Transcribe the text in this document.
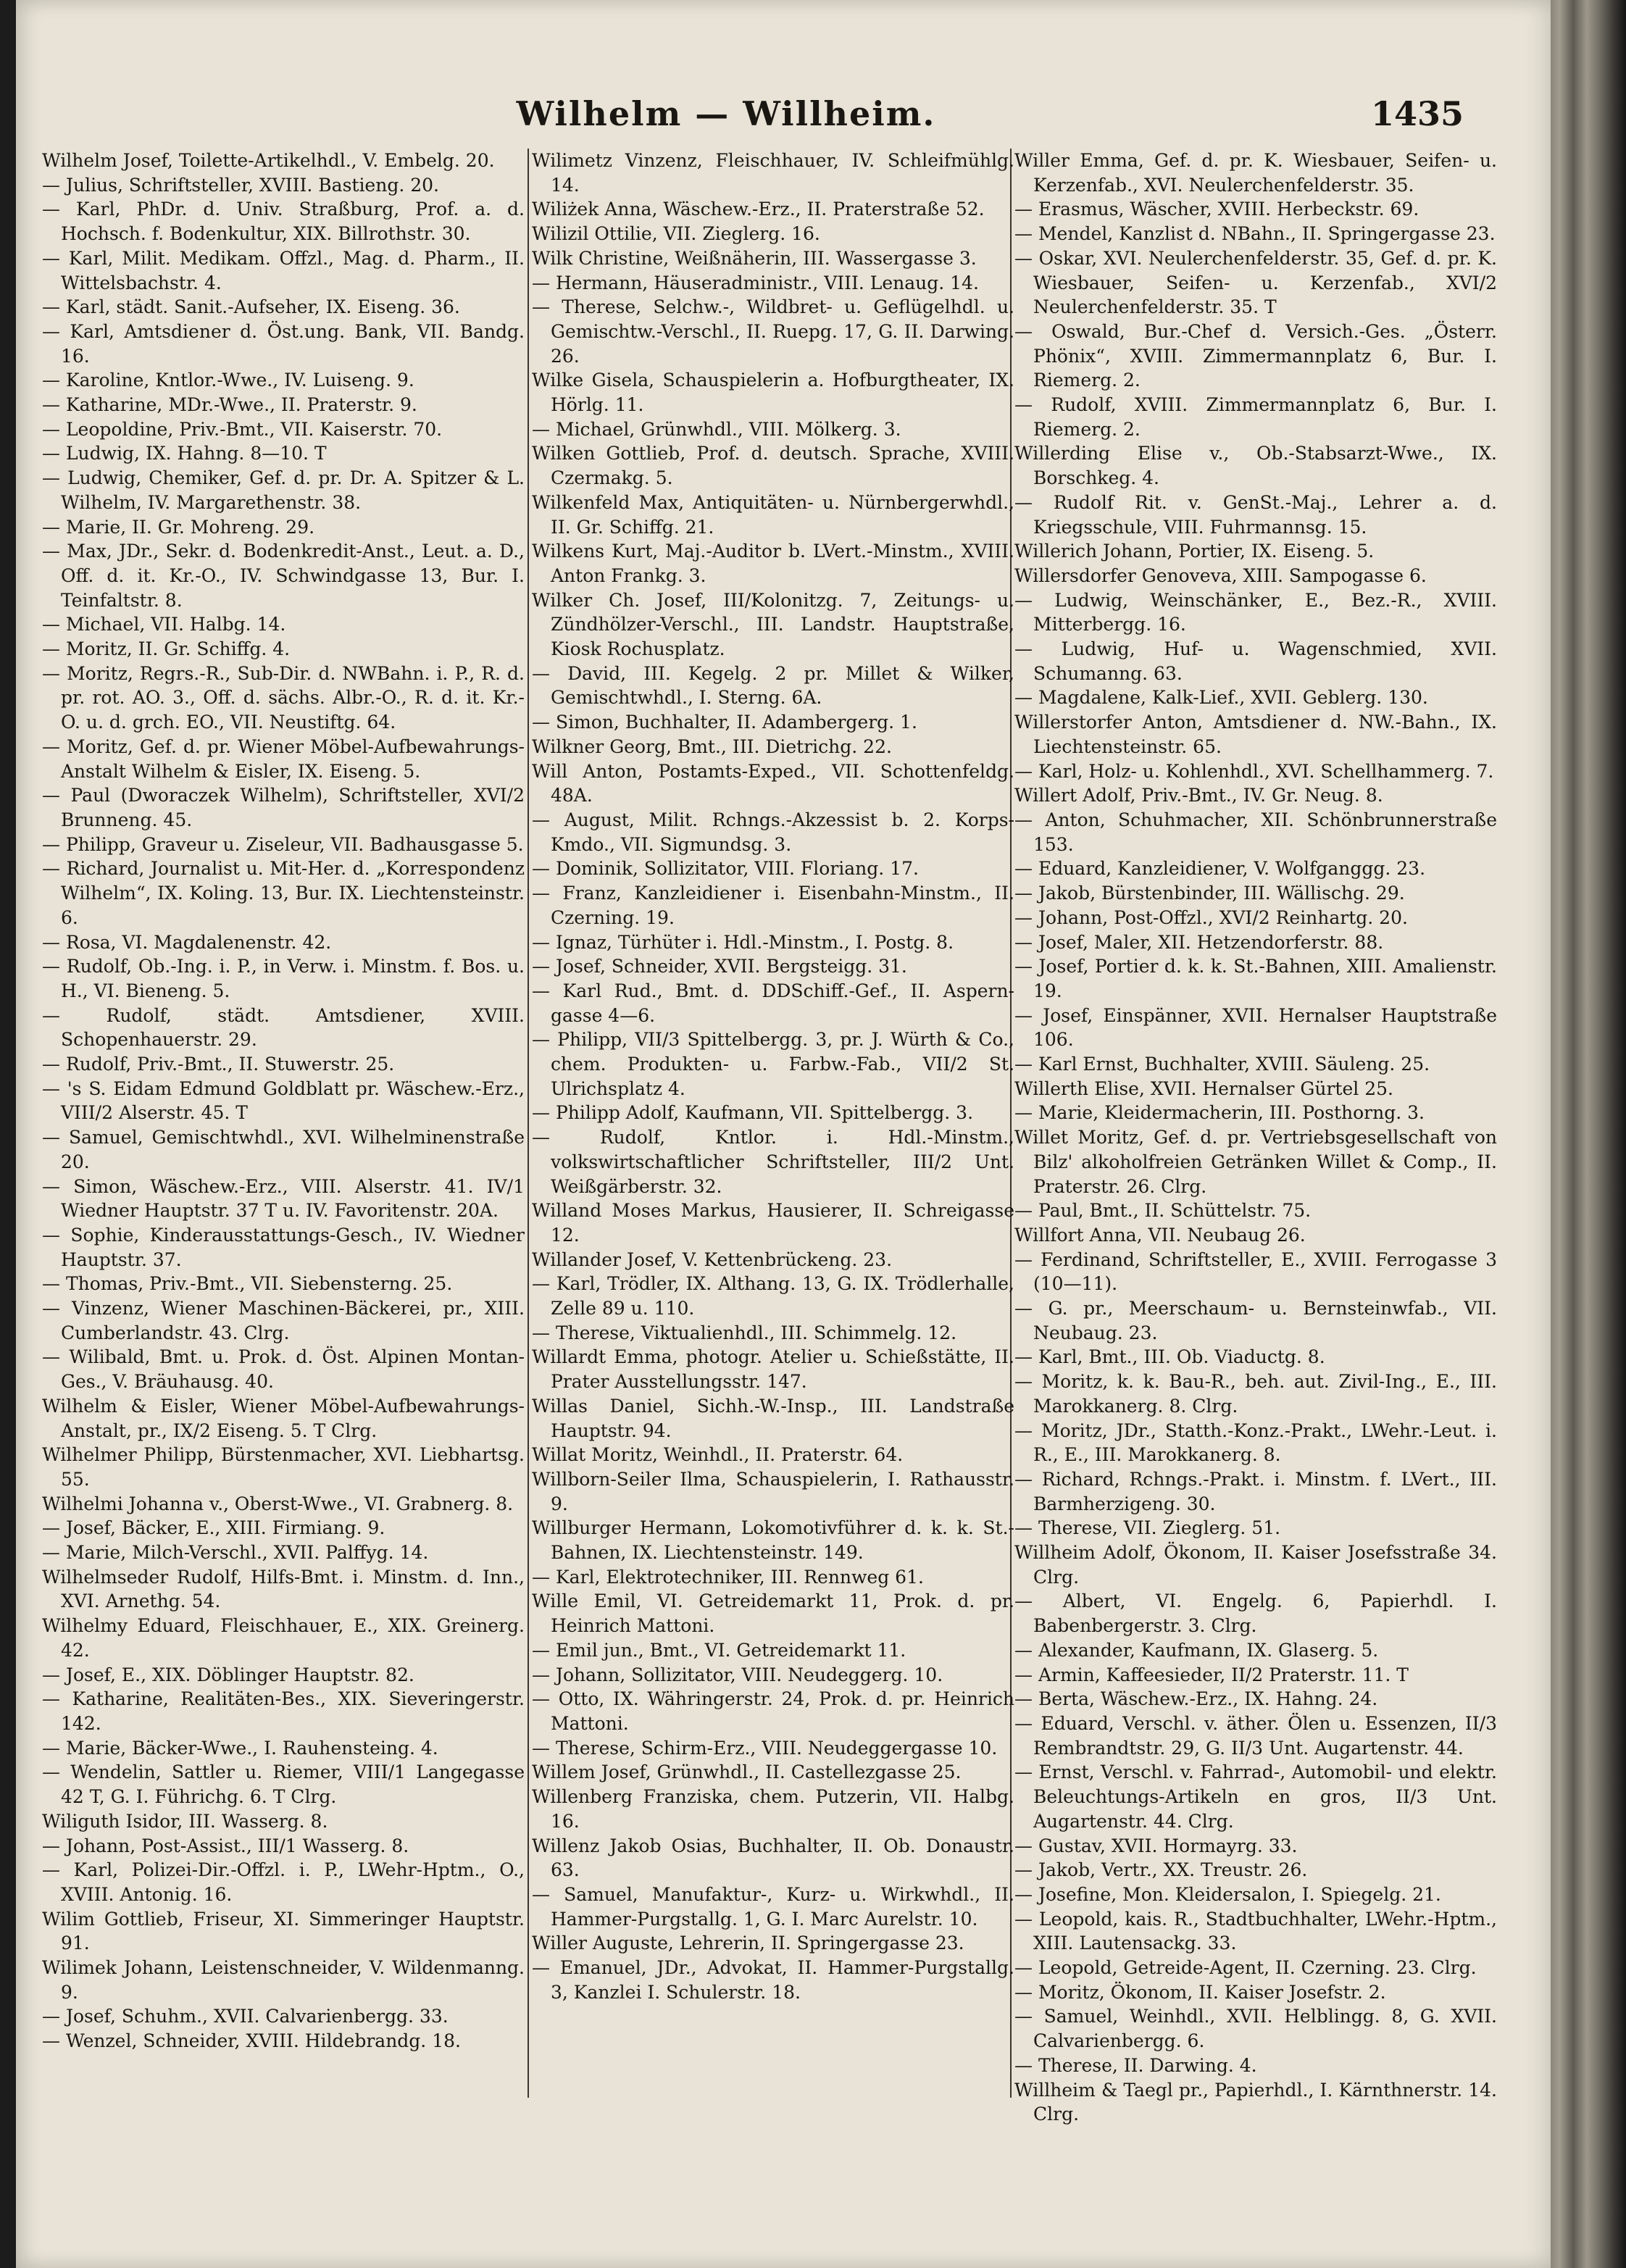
Wilhelm — Willheim.	1435

Wilhelm Josef, Toilette-Artikelhdl., V. Embelg. 20.

— Julius, Schriftsteller, XVIII. Bastieng. 20.

— Karl, PhDr. d. Univ. Straßburg, Prof. a. d. Hochsch. f. Bodenkultur, XIX. Billrothstr. 30.

— Karl, Milit. Medikam. Offzl., Mag. d. Pharm., II. Wittelsbachstr. 4.

— Karl, städt. Sanit.-Aufseher, IX. Eiseng. 36.

— Karl, Amtsdiener d. Öst.ung. Bank, VII. Bandg. 16.

— Karoline, Kntlor.-Wwe., IV. Luiseng. 9.

— Katharine, MDr.-Wwe., II. Praterstr. 9.

— Leopoldine, Priv.-Bmt., VII. Kaiserstr. 70.

— Ludwig, IX. Hahng. 8—10. T

— Ludwig, Chemiker, Gef. d. pr. Dr. A. Spitzer & L. Wilhelm, IV. Margarethenstr. 38.

— Marie, II. Gr. Mohreng. 29.

— Max, JDr., Sekr. d. Bodenkredit-Anst., Leut. a. D., Off. d. it. Kr.-O., IV. Schwindgasse 13, Bur. I. Teinfaltstr. 8.

— Michael, VII. Halbg. 14.

— Moritz, II. Gr. Schiffg. 4.

— Moritz, Regrs.-R., Sub-Dir. d. NWBahn. i. P., R. d. pr. rot. AO. 3., Off. d. sächs. Albr.-O., R. d. it. Kr.-O. u. d. grch. EO., VII. Neustiftg. 64.

— Moritz, Gef. d. pr. Wiener Möbel-Aufbewahrungs-Anstalt Wilhelm & Eisler, IX. Eiseng. 5.

— Paul (Dworaczek Wilhelm), Schriftsteller, XVI/2 Brunneng. 45.

— Philipp, Graveur u. Ziseleur, VII. Badhausgasse 5.

— Richard, Journalist u. Mit-Her. d. „Korrespondenz Wilhelm“, IX. Koling. 13, Bur. IX. Liechtensteinstr. 6.

— Rosa, VI. Magdalenenstr. 42.

— Rudolf, Ob.-Ing. i. P., in Verw. i. Minstm. f. Bos. u. H., VI. Bieneng. 5.

— Rudolf, städt. Amtsdiener, XVIII. Schopenhauerstr. 29.

— Rudolf, Priv.-Bmt., II. Stuwerstr. 25.

— 's S. Eidam Edmund Goldblatt pr. Wäschew.-Erz., VIII/2 Alserstr. 45. T

— Samuel, Gemischtwhdl., XVI. Wilhelminenstraße 20.

— Simon, Wäschew.-Erz., VIII. Alserstr. 41. IV/1 Wiedner Hauptstr. 37 T u. IV. Favoritenstr. 20A.

— Sophie, Kinderausstattungs-Gesch., IV. Wiedner Hauptstr. 37.

— Thomas, Priv.-Bmt., VII. Siebensterng. 25.

— Vinzenz, Wiener Maschinen-Bäckerei, pr., XIII. Cumberlandstr. 43. Clrg.

— Wilibald, Bmt. u. Prok. d. Öst. Alpinen Montan-Ges., V. Bräuhausg. 40.

Wilhelm & Eisler, Wiener Möbel-Aufbewahrungs-Anstalt, pr., IX/2 Eiseng. 5. T Clrg.

Wilhelmer Philipp, Bürstenmacher, XVI. Liebhartsg. 55.

Wilhelmi Johanna v., Oberst-Wwe., VI. Grabnerg. 8.

— Josef, Bäcker, E., XIII. Firmiang. 9.

— Marie, Milch-Verschl., XVII. Palffyg. 14.

Wilhelmseder Rudolf, Hilfs-Bmt. i. Minstm. d. Inn., XVI. Arnethg. 54.

Wilhelmy Eduard, Fleischhauer, E., XIX. Greinerg. 42.

— Josef, E., XIX. Döblinger Hauptstr. 82.

— Katharine, Realitäten-Bes., XIX. Sieveringerstr. 142.

— Marie, Bäcker-Wwe., I. Rauhensteing. 4.

— Wendelin, Sattler u. Riemer, VIII/1 Langegasse 42 T, G. I. Führichg. 6. T Clrg.

Wiliguth Isidor, III. Wasserg. 8.

— Johann, Post-Assist., III/1 Wasserg. 8.

— Karl, Polizei-Dir.-Offzl. i. P., LWehr-Hptm., O., XVIII. Antonig. 16.

Wilim Gottlieb, Friseur, XI. Simmeringer Hauptstr. 91.

Wilimek Johann, Leistenschneider, V. Wildenmanng. 9.

— Josef, Schuhm., XVII. Calvarienbergg. 33.

— Wenzel, Schneider, XVIII. Hildebrandg. 18.

Wilimetz Vinzenz, Fleischhauer, IV. Schleifmühlg. 14.

Wiliżek Anna, Wäschew.-Erz., II. Praterstraße 52.

Wilizil Ottilie, VII. Zieglerg. 16.

Wilk Christine, Weißnäherin, III. Wassergasse 3.

— Hermann, Häuseradministr., VIII. Lenaug. 14.

— Therese, Selchw.-, Wildbret- u. Geflügelhdl. u. Gemischtw.-Verschl., II. Ruepg. 17, G. II. Darwing. 26.

Wilke Gisela, Schauspielerin a. Hofburgtheater, IX. Hörlg. 11.

— Michael, Grünwhdl., VIII. Mölkerg. 3.

Wilken Gottlieb, Prof. d. deutsch. Sprache, XVIII. Czermakg. 5.

Wilkenfeld Max, Antiquitäten- u. Nürnbergerwhdl., II. Gr. Schiffg. 21.

Wilkens Kurt, Maj.-Auditor b. LVert.-Minstm., XVIII. Anton Frankg. 3.

Wilker Ch. Josef, III/Kolonitzg. 7, Zeitungs- u. Zündhölzer-Verschl., III. Landstr. Hauptstraße, Kiosk Rochusplatz.

— David, III. Kegelg. 2 pr. Millet & Wilker, Gemischtwhdl., I. Sterng. 6A.

— Simon, Buchhalter, II. Adambergerg. 1.

Wilkner Georg, Bmt., III. Dietrichg. 22.

Will Anton, Postamts-Exped., VII. Schottenfeldg. 48A.

— August, Milit. Rchngs.-Akzessist b. 2. Korps-Kmdo., VII. Sigmundsg. 3.

— Dominik, Sollizitator, VIII. Floriang. 17.

— Franz, Kanzleidiener i. Eisenbahn-Minstm., II. Czerning. 19.

— Ignaz, Türhüter i. Hdl.-Minstm., I. Postg. 8.

— Josef, Schneider, XVII. Bergsteigg. 31.

— Karl Rud., Bmt. d. DDSchiff.-Gef., II. Aspern-gasse 4—6.

— Philipp, VII/3 Spittelbergg. 3, pr. J. Würth & Co., chem. Produkten- u. Farbw.-Fab., VII/2 St. Ulrichsplatz 4.

— Philipp Adolf, Kaufmann, VII. Spittelbergg. 3.

— Rudolf, Kntlor. i. Hdl.-Minstm., volkswirtschaftlicher Schriftsteller, III/2 Unt. Weißgärberstr. 32.

Willand Moses Markus, Hausierer, II. Schreigasse 12.

Willander Josef, V. Kettenbrückeng. 23.

— Karl, Trödler, IX. Althang. 13, G. IX. Trödlerhalle, Zelle 89 u. 110.

— Therese, Viktualienhdl., III. Schimmelg. 12.

Willardt Emma, photogr. Atelier u. Schießstätte, II. Prater Ausstellungsstr. 147.

Willas Daniel, Sichh.-W.-Insp., III. Landstraße Hauptstr. 94.

Willat Moritz, Weinhdl., II. Praterstr. 64.

Willborn-Seiler Ilma, Schauspielerin, I. Rathausstr. 9.

Willburger Hermann, Lokomotivführer d. k. k. St.-Bahnen, IX. Liechtensteinstr. 149.

— Karl, Elektrotechniker, III. Rennweg 61.

Wille Emil, VI. Getreidemarkt 11, Prok. d. pr. Heinrich Mattoni.

— Emil jun., Bmt., VI. Getreidemarkt 11.

— Johann, Sollizitator, VIII. Neudeggerg. 10.

— Otto, IX. Währingerstr. 24, Prok. d. pr. Heinrich Mattoni.

— Therese, Schirm-Erz., VIII. Neudeggergasse 10.

Willem Josef, Grünwhdl., II. Castellezgasse 25.

Willenberg Franziska, chem. Putzerin, VII. Halbg. 16.

Willenz Jakob Osias, Buchhalter, II. Ob. Donaustr. 63.

— Samuel, Manufaktur-, Kurz- u. Wirkwhdl., II. Hammer-Purgstallg. 1, G. I. Marc Aurelstr. 10.

Willer Auguste, Lehrerin, II. Springergasse 23.

— Emanuel, JDr., Advokat, II. Hammer-Purgstallg. 3, Kanzlei I. Schulerstr. 18.

Willer Emma, Gef. d. pr. K. Wiesbauer, Seifen- u. Kerzenfab., XVI. Neulerchenfelderstr. 35.

— Erasmus, Wäscher, XVIII. Herbeckstr. 69.

— Mendel, Kanzlist d. NBahn., II. Springergasse 23.

— Oskar, XVI. Neulerchenfelderstr. 35, Gef. d. pr. K. Wiesbauer, Seifen- u. Kerzenfab., XVI/2 Neulerchenfelderstr. 35. T

— Oswald, Bur.-Chef d. Versich.-Ges. „Österr. Phönix“, XVIII. Zimmermannplatz 6, Bur. I. Riemerg. 2.

— Rudolf, XVIII. Zimmermannplatz 6, Bur. I. Riemerg. 2.

Willerding Elise v., Ob.-Stabsarzt-Wwe., IX. Borschkeg. 4.

— Rudolf Rit. v. GenSt.-Maj., Lehrer a. d. Kriegsschule, VIII. Fuhrmannsg. 15.

Willerich Johann, Portier, IX. Eiseng. 5.

Willersdorfer Genoveva, XIII. Sampogasse 6.

— Ludwig, Weinschänker, E., Bez.-R., XVIII. Mitterbergg. 16.

— Ludwig, Huf- u. Wagenschmied, XVII. Schumanng. 63.

— Magdalene, Kalk-Lief., XVII. Geblerg. 130.

Willerstorfer Anton, Amtsdiener d. NW.-Bahn., IX. Liechtensteinstr. 65.

— Karl, Holz- u. Kohlenhdl., XVI. Schellhammerg. 7.

Willert Adolf, Priv.-Bmt., IV. Gr. Neug. 8.

— Anton, Schuhmacher, XII. Schönbrunnerstraße 153.

— Eduard, Kanzleidiener, V. Wolfganggg. 23.

— Jakob, Bürstenbinder, III. Wällischg. 29.

— Johann, Post-Offzl., XVI/2 Reinhartg. 20.

— Josef, Maler, XII. Hetzendorferstr. 88.

— Josef, Portier d. k. k. St.-Bahnen, XIII. Amalienstr. 19.

— Josef, Einspänner, XVII. Hernalser Hauptstraße 106.

— Karl Ernst, Buchhalter, XVIII. Säuleng. 25.

Willerth Elise, XVII. Hernalser Gürtel 25.

— Marie, Kleidermacherin, III. Posthorng. 3.

Willet Moritz, Gef. d. pr. Vertriebsgesellschaft von Bilz' alkoholfreien Getränken Willet & Comp., II. Praterstr. 26. Clrg.

— Paul, Bmt., II. Schüttelstr. 75.

Willfort Anna, VII. Neubaug 26.

— Ferdinand, Schriftsteller, E., XVIII. Ferrogasse 3 (10—11).

— G. pr., Meerschaum- u. Bernsteinwfab., VII. Neubaug. 23.

— Karl, Bmt., III. Ob. Viaductg. 8.

— Moritz, k. k. Bau-R., beh. aut. Zivil-Ing., E., III. Marokkanerg. 8. Clrg.

— Moritz, JDr., Statth.-Konz.-Prakt., LWehr.-Leut. i. R., E., III. Marokkanerg. 8.

— Richard, Rchngs.-Prakt. i. Minstm. f. LVert., III. Barmherzigeng. 30.

— Therese, VII. Zieglerg. 51.

Willheim Adolf, Ökonom, II. Kaiser Josefsstraße 34. Clrg.

— Albert, VI. Engelg. 6, Papierhdl. I. Babenbergerstr. 3. Clrg.

— Alexander, Kaufmann, IX. Glaserg. 5.

— Armin, Kaffeesieder, II/2 Praterstr. 11. T

— Berta, Wäschew.-Erz., IX. Hahng. 24.

— Eduard, Verschl. v. äther. Ölen u. Essenzen, II/3 Rembrandtstr. 29, G. II/3 Unt. Augartenstr. 44.

— Ernst, Verschl. v. Fahrrad-, Automobil- und elektr. Beleuchtungs-Artikeln en gros, II/3 Unt. Augartenstr. 44. Clrg.

— Gustav, XVII. Hormayrg. 33.

— Jakob, Vertr., XX. Treustr. 26.

— Josefine, Mon. Kleidersalon, I. Spiegelg. 21.

— Leopold, kais. R., Stadtbuchhalter, LWehr.-Hptm., XIII. Lautensackg. 33.

— Leopold, Getreide-Agent, II. Czerning. 23. Clrg.

— Moritz, Ökonom, II. Kaiser Josefstr. 2.

— Samuel, Weinhdl., XVII. Helblingg. 8, G. XVII. Calvarienbergg. 6.

— Therese, II. Darwing. 4.

Willheim & Taegl pr., Papierhdl., I. Kärnthnerstr. 14. Clrg.
